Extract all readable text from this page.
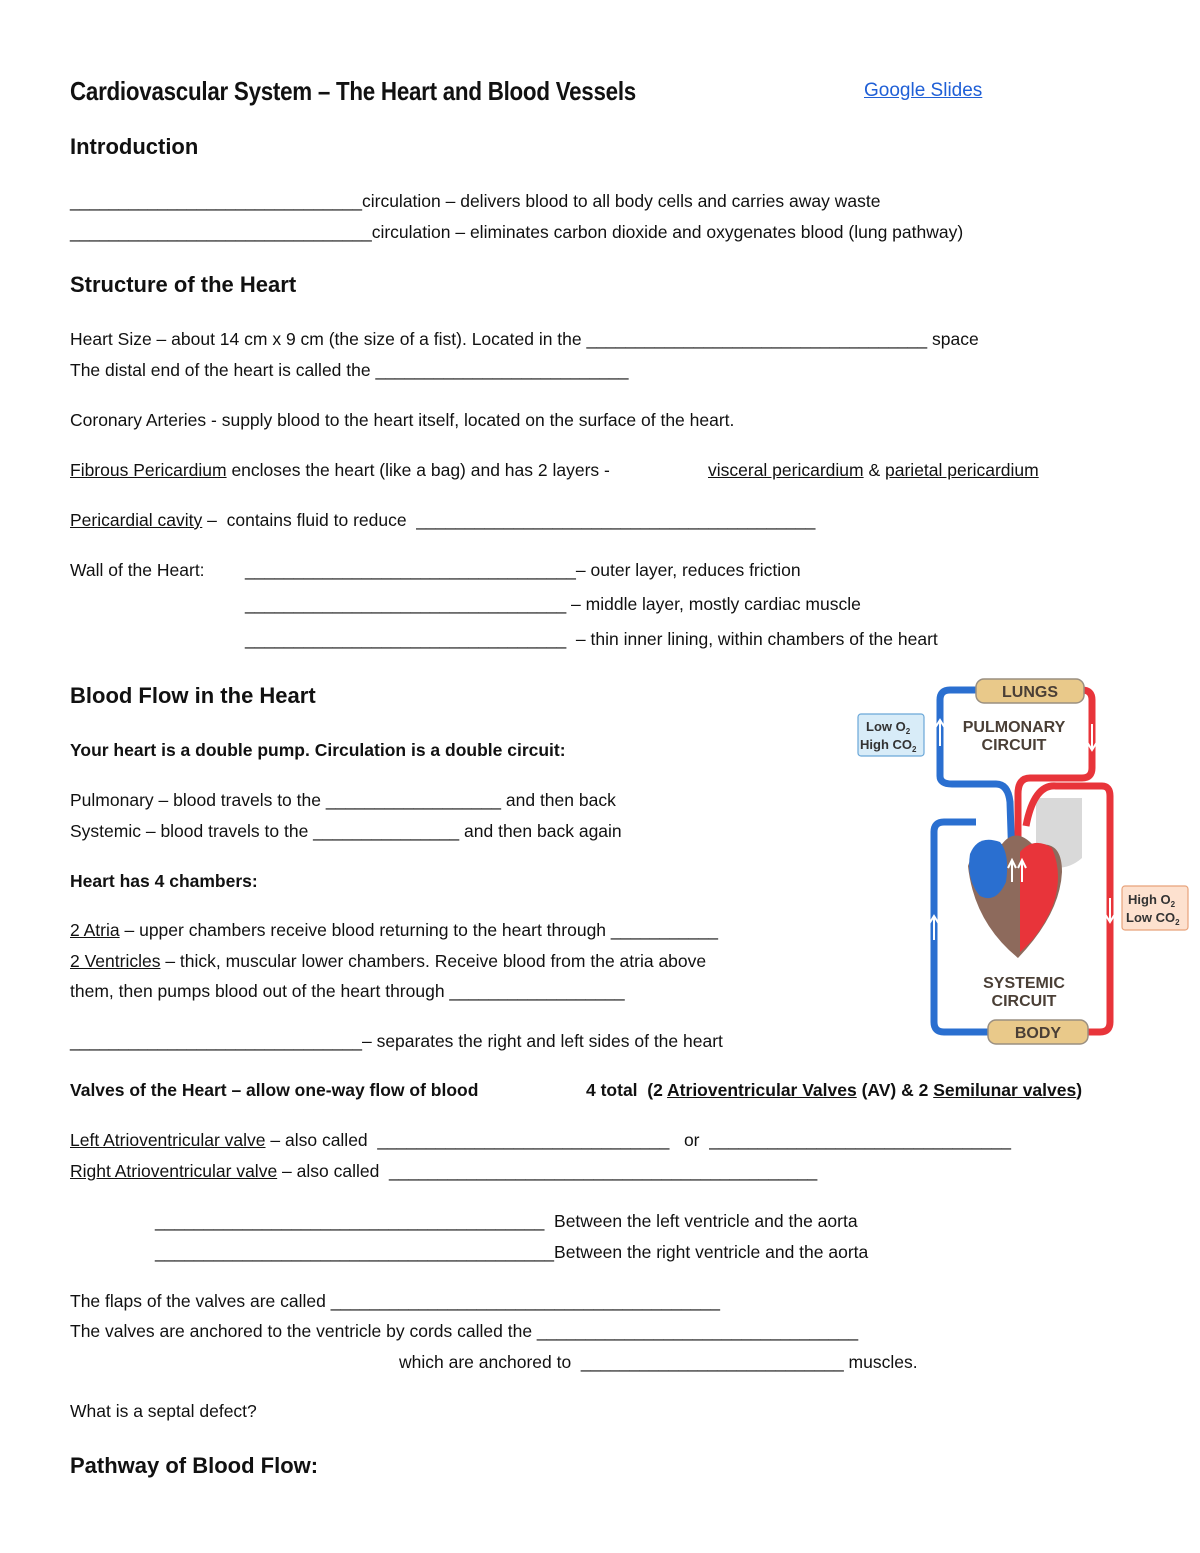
Cardiovascular System – The Heart and Blood Vessels	Google Slides
Introduction
______________________________circulation – delivers blood to all body cells and carries away waste
_______________________________circulation – eliminates carbon dioxide and oxygenates blood (lung pathway)
Structure of the Heart
Heart Size – about 14 cm x 9 cm (the size of a fist). Located in the ___________________________________ space
The distal end of the heart is called the __________________________
Coronary Arteries - supply blood to the heart itself, located on the surface of the heart.
Fibrous Pericardium encloses the heart (like a bag) and has 2 layers -	visceral pericardium & parietal pericardium
Pericardial cavity –  contains fluid to reduce  _________________________________________
Wall of the Heart: __________________________________– outer layer, reduces friction
_________________________________ – middle layer, mostly cardiac muscle
_________________________________  – thin inner lining, within chambers of the heart
Blood Flow in the Heart
Your heart is a double pump. Circulation is a double circuit:
Pulmonary – blood travels to the __________________ and then back
Systemic – blood travels to the _______________ and then back again
Heart has 4 chambers:
2 Atria – upper chambers receive blood returning to the heart through ___________
2 Ventricles – thick, muscular lower chambers. Receive blood from the atria above
them, then pumps blood out of the heart through __________________
______________________________– separates the right and left sides of the heart
LUNGS
PULMONARY
CIRCUIT
SYSTEMIC
CIRCUIT
BODY
Low $O_2$
High $CO_2$
High $O_2$
Low $CO_2$
Valves of the Heart – allow one-way flow of blood	4 total  (2 Atrioventricular Valves (AV) & 2 Semilunar valves)
Left Atrioventricular valve – also called  ______________________________   or  _______________________________
Right Atrioventricular valve – also called  ____________________________________________
________________________________________  Between the left ventricle and the aorta
_________________________________________Between the right ventricle and the aorta
The flaps of the valves are called ________________________________________
The valves are anchored to the ventricle by cords called the _________________________________
which are anchored to  ___________________________ muscles.
What is a septal defect?
Pathway of Blood Flow:
